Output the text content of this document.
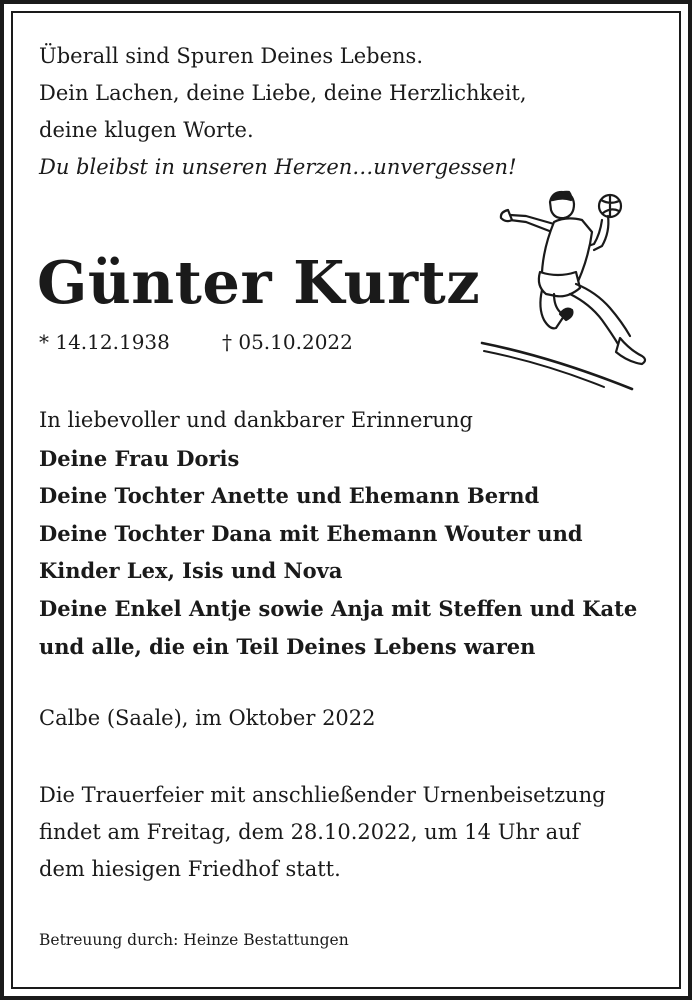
Überall sind Spuren Deines Lebens.
Dein Lachen, deine Liebe, deine Herzlichkeit,
deine klugen Worte.
Du bleibst in unseren Herzen…unvergessen!
Günter Kurtz
* 14.12.1938	† 05.10.2022
In liebevoller und dankbarer Erinnerung
Deine Frau Doris
Deine Tochter Anette und Ehemann Bernd
Deine Tochter Dana mit Ehemann Wouter und
Kinder Lex, Isis und Nova
Deine Enkel Antje sowie Anja mit Steffen und Kate
und alle, die ein Teil Deines Lebens waren
Calbe (Saale), im Oktober 2022
Die Trauerfeier mit anschließender Urnenbeisetzung
findet am Freitag, dem 28.10.2022, um 14 Uhr auf
dem hiesigen Friedhof statt.
Betreuung durch: Heinze Bestattungen
